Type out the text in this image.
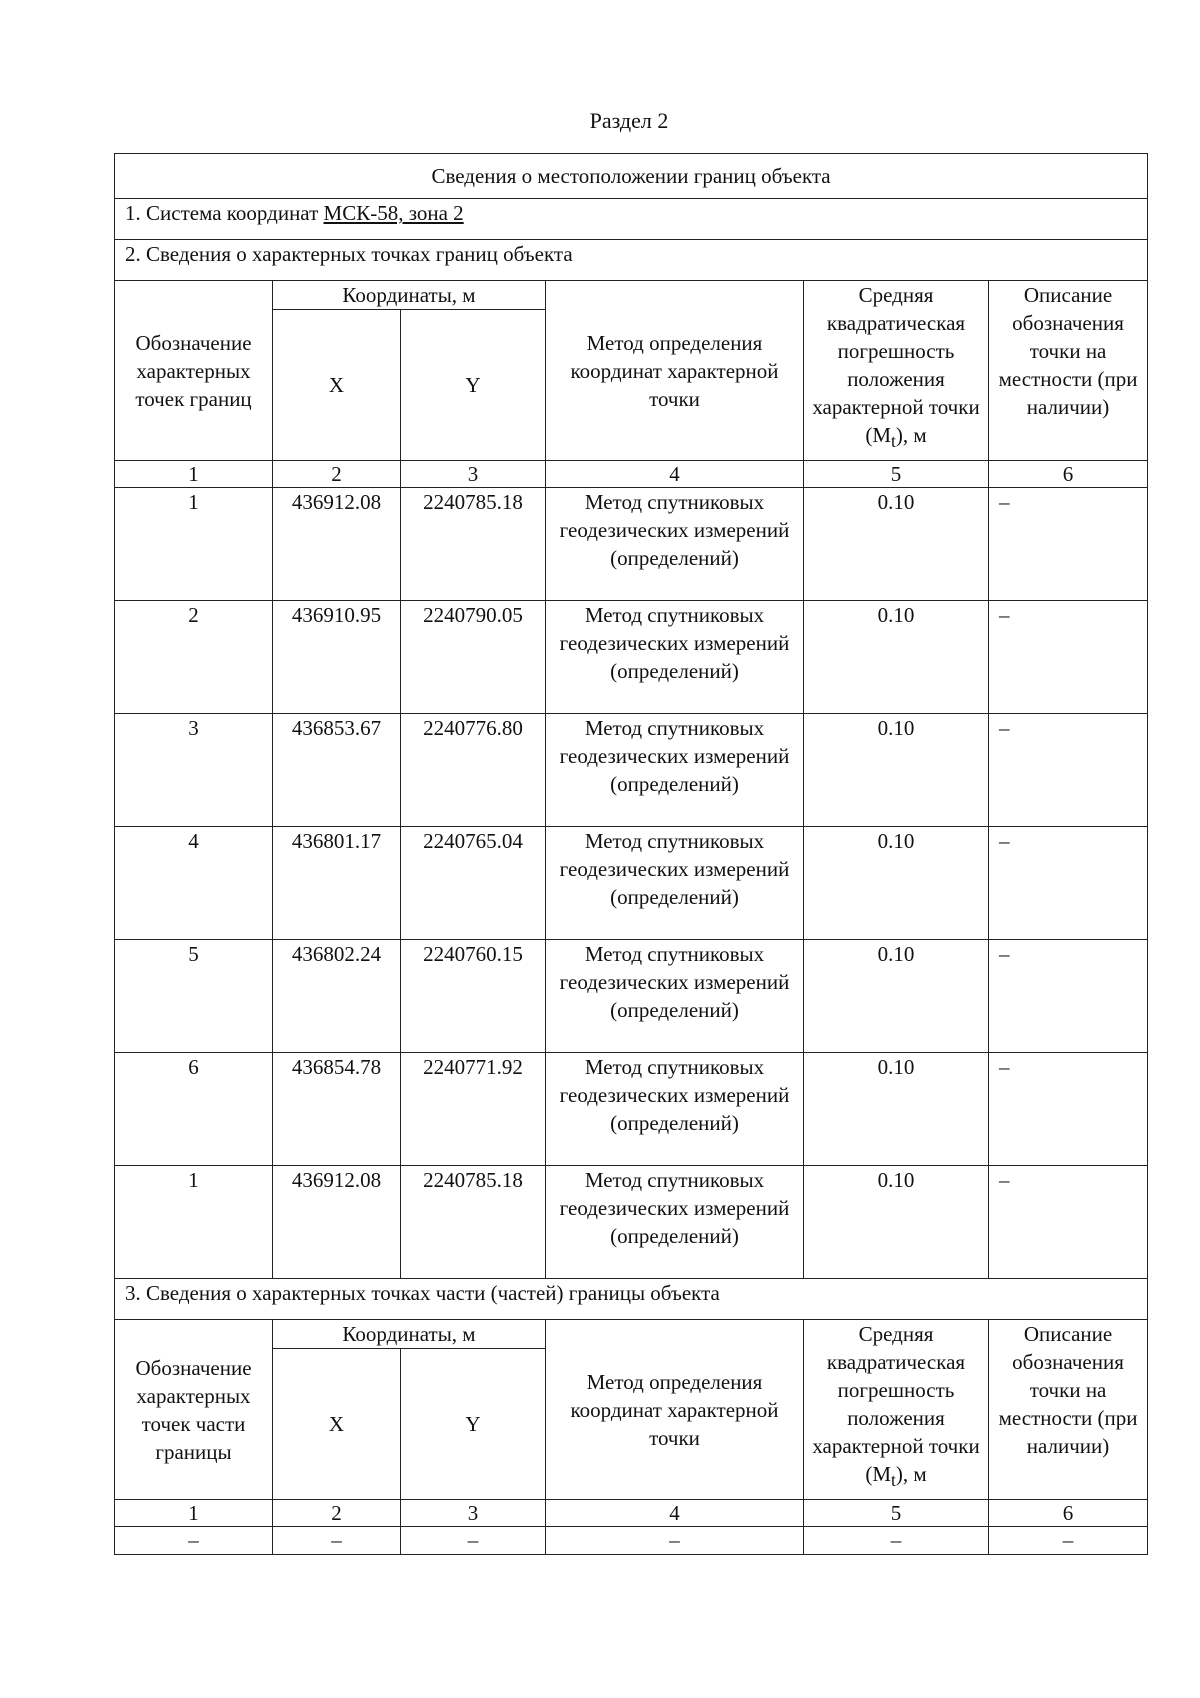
Раздел 2
Сведения о местоположении границ объекта					
1. Система координат МСК-58, зона 2					
2. Сведения о характерных точках границ объекта					
Обозначение характерных точек границ	Координаты, м		Метод определения координат характерной точки	Средняя квадратическая погрешность положения характерной точки $(M_t)$, м	Описание обозначения точки на местности (при наличии)
	X	Y			
1	2	3	4	5	6
1	436912.08	2240785.18	Метод спутниковых геодезических измерений (определений)	0.10	–
2	436910.95	2240790.05	Метод спутниковых геодезических измерений (определений)	0.10	–
3	436853.67	2240776.80	Метод спутниковых геодезических измерений (определений)	0.10	–
4	436801.17	2240765.04	Метод спутниковых геодезических измерений (определений)	0.10	–
5	436802.24	2240760.15	Метод спутниковых геодезических измерений (определений)	0.10	–
6	436854.78	2240771.92	Метод спутниковых геодезических измерений (определений)	0.10	–
1	436912.08	2240785.18	Метод спутниковых геодезических измерений (определений)	0.10	–
3. Сведения о характерных точках части (частей) границы объекта					
Обозначение характерных точек части границы	Координаты, м		Метод определения координат характерной точки	Средняя квадратическая погрешность положения характерной точки $(M_t)$, м	Описание обозначения точки на местности (при наличии)
	X	Y			
1	2	3	4	5	6
–	–	–	–	–	–
